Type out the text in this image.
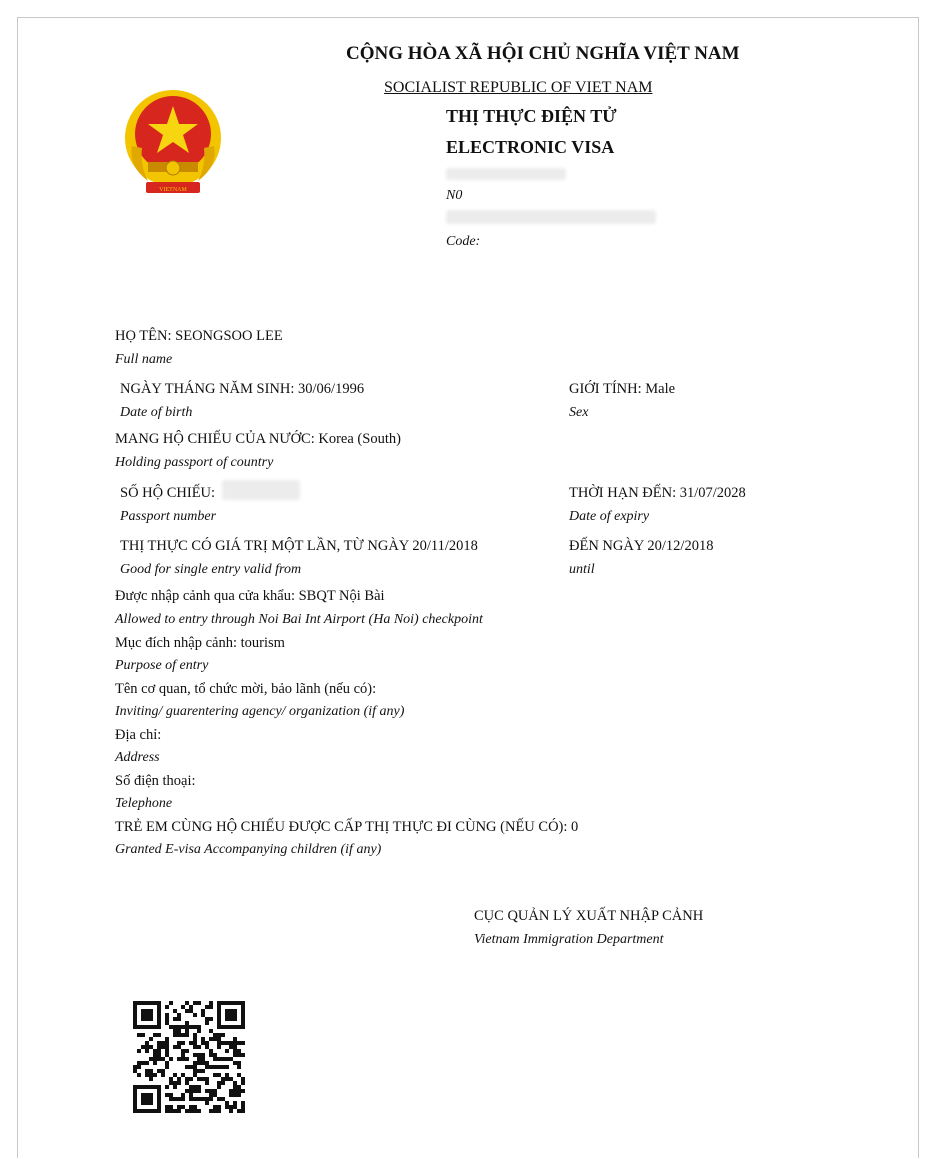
VIETNAM
CỘNG HÒA XÃ HỘI CHỦ NGHĨA VIỆT NAM
SOCIALIST REPUBLIC OF VIET NAM
THỊ THỰC ĐIỆN TỬ
ELECTRONIC VISA
N0
Code:
HỌ TÊN: SEONGSOO LEE
Full name
NGÀY THÁNG NĂM SINH: 30/06/1996
Date of birth
GIỚI TÍNH: Male
Sex
MANG HỘ CHIẾU CỦA NƯỚC: Korea (South)
Holding passport of country
SỐ HỘ CHIẾU:
Passport number
THỜI HẠN ĐẾN: 31/07/2028
Date of expiry
THỊ THỰC CÓ GIÁ TRỊ MỘT LẦN, TỪ NGÀY 20/11/2018
Good for single entry valid from
ĐẾN NGÀY 20/12/2018
until
Được nhập cảnh qua cửa khẩu: SBQT Nội Bài
Allowed to entry through Noi Bai Int Airport (Ha Noi) checkpoint
Mục đích nhập cảnh: tourism
Purpose of entry
Tên cơ quan, tổ chức mời, bảo lãnh (nếu có):
Inviting/ guarentering agency/ organization (if any)
Địa chỉ:
Address
Số điện thoại:
Telephone
TRẺ EM CÙNG HỘ CHIẾU ĐƯỢC CẤP THỊ THỰC ĐI CÙNG (NẾU CÓ): 0
Granted E-visa Accompanying children (if any)
CỤC QUẢN LÝ XUẤT NHẬP CẢNH
Vietnam Immigration Department
